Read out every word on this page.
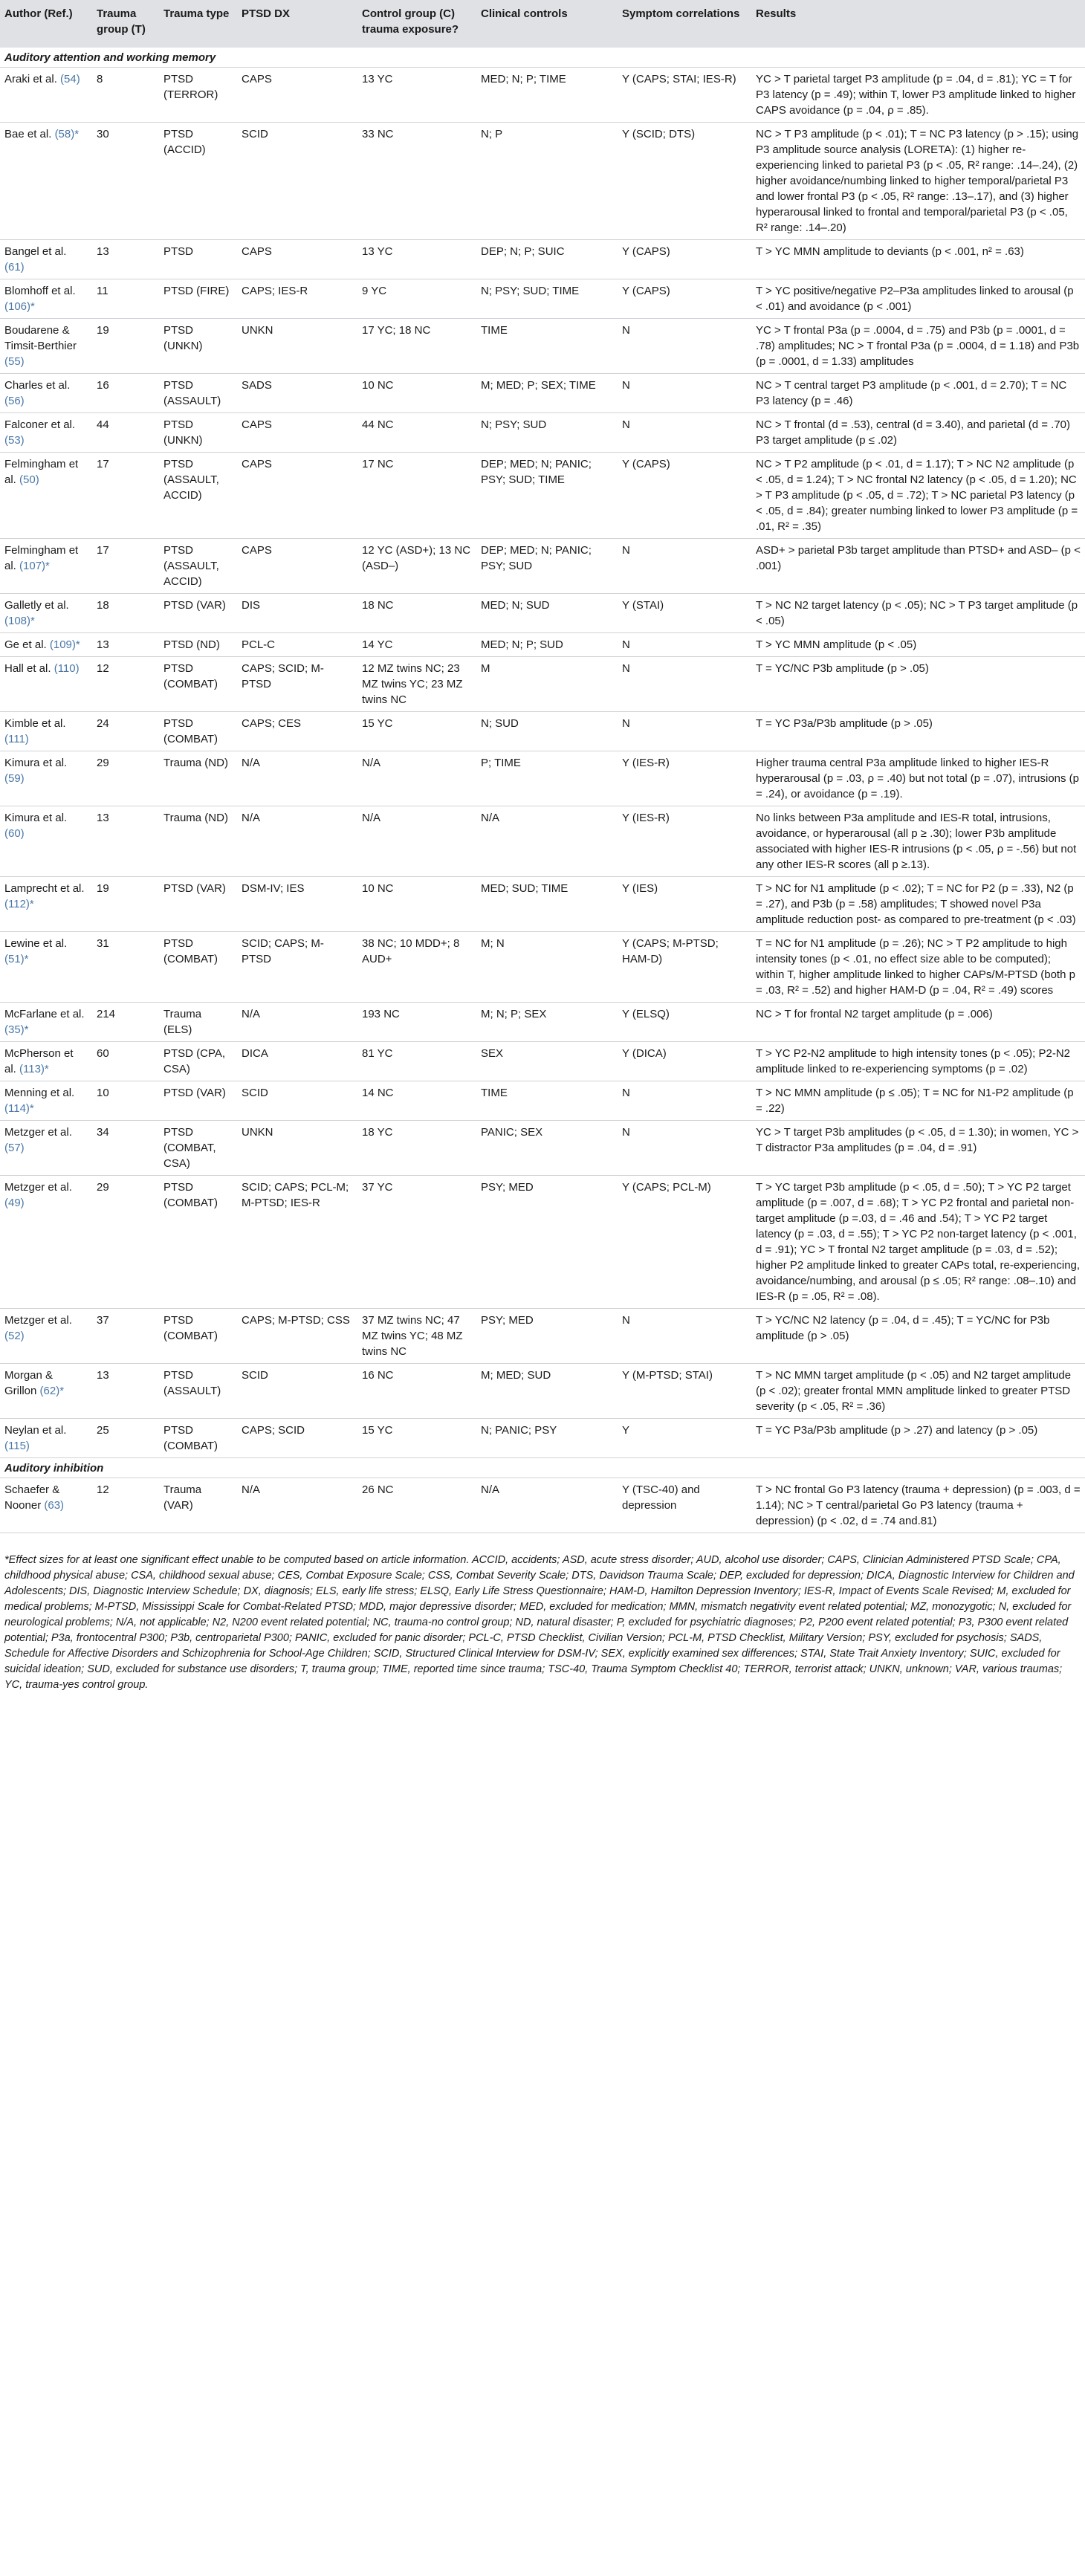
Author (Ref.)	Trauma group (T)	Trauma type	PTSD DX	Control group (C) trauma exposure?	Clinical controls	Symptom correlations	Results
Auditory attention and working memory							
Araki et al. (54)	8	PTSD (TERROR)	CAPS	13 YC	MED; N; P; TIME	Y (CAPS; STAI; IES-R)	YC > T parietal target P3 amplitude (p = .04, d = .81); YC = T for P3 latency (p = .49); within T, lower P3 amplitude linked to higher CAPS avoidance (p = .04, ρ = .85).
Bae et al. (58)*	30	PTSD (ACCID)	SCID	33 NC	N; P	Y (SCID; DTS)	NC > T P3 amplitude (p < .01); T = NC P3 latency (p > .15); using P3 amplitude source analysis (LORETA): (1) higher re-experiencing linked to parietal P3 (p < .05, R² range: .14–.24), (2) higher avoidance/numbing linked to higher temporal/parietal P3 and lower frontal P3 (p < .05, R² range: .13–.17), and (3) higher hyperarousal linked to frontal and temporal/parietal P3 (p < .05, R² range: .14–.20)
Bangel et al. (61)	13	PTSD	CAPS	13 YC	DEP; N; P; SUIC	Y (CAPS)	T > YC MMN amplitude to deviants (p < .001, n² = .63)
Blomhoff et al. (106)*	11	PTSD (FIRE)	CAPS; IES-R	9 YC	N; PSY; SUD; TIME	Y (CAPS)	T > YC positive/negative P2–P3a amplitudes linked to arousal (p < .01) and avoidance (p < .001)
Boudarene & Timsit-Berthier (55)	19	PTSD (UNKN)	UNKN	17 YC; 18 NC	TIME	N	YC > T frontal P3a (p = .0004, d = .75) and P3b (p = .0001, d = .78) amplitudes; NC > T frontal P3a (p = .0004, d = 1.18) and P3b (p = .0001, d = 1.33) amplitudes
Charles et al. (56)	16	PTSD (ASSAULT)	SADS	10 NC	M; MED; P; SEX; TIME	N	NC > T central target P3 amplitude (p < .001, d = 2.70); T = NC P3 latency (p = .46)
Falconer et al. (53)	44	PTSD (UNKN)	CAPS	44 NC	N; PSY; SUD	N	NC > T frontal (d = .53), central (d = 3.40), and parietal (d = .70) P3 target amplitude (p ≤ .02)
Felmingham et al. (50)	17	PTSD (ASSAULT, ACCID)	CAPS	17 NC	DEP; MED; N; PANIC; PSY; SUD; TIME	Y (CAPS)	NC > T P2 amplitude (p < .01, d = 1.17); T > NC N2 amplitude (p < .05, d = 1.24); T > NC frontal N2 latency (p < .05, d = 1.20); NC > T P3 amplitude (p < .05, d = .72); T > NC parietal P3 latency (p < .05, d = .84); greater numbing linked to lower P3 amplitude (p = .01, R² = .35)
Felmingham et al. (107)*	17	PTSD (ASSAULT, ACCID)	CAPS	12 YC (ASD+); 13 NC (ASD–)	DEP; MED; N; PANIC; PSY; SUD	N	ASD+ > parietal P3b target amplitude than PTSD+ and ASD– (p < .001)
Galletly et al. (108)*	18	PTSD (VAR)	DIS	18 NC	MED; N; SUD	Y (STAI)	T > NC N2 target latency (p < .05); NC > T P3 target amplitude (p < .05)
Ge et al. (109)*	13	PTSD (ND)	PCL-C	14 YC	MED; N; P; SUD	N	T > YC MMN amplitude (p < .05)
Hall et al. (110)	12	PTSD (COMBAT)	CAPS; SCID; M-PTSD	12 MZ twins NC; 23 MZ twins YC; 23 MZ twins NC	M	N	T = YC/NC P3b amplitude (p > .05)
Kimble et al. (111)	24	PTSD (COMBAT)	CAPS; CES	15 YC	N; SUD	N	T = YC P3a/P3b amplitude (p > .05)
Kimura et al. (59)	29	Trauma (ND)	N/A	N/A	P; TIME	Y (IES-R)	Higher trauma central P3a amplitude linked to higher IES-R hyperarousal (p = .03, ρ = .40) but not total (p = .07), intrusions (p = .24), or avoidance (p = .19).
Kimura et al. (60)	13	Trauma (ND)	N/A	N/A	N/A	Y (IES-R)	No links between P3a amplitude and IES-R total, intrusions, avoidance, or hyperarousal (all p ≥ .30); lower P3b amplitude associated with higher IES-R intrusions (p < .05, ρ = -.56) but not any other IES-R scores (all p ≥.13).
Lamprecht et al. (112)*	19	PTSD (VAR)	DSM-IV; IES	10 NC	MED; SUD; TIME	Y (IES)	T > NC for N1 amplitude (p < .02); T = NC for P2 (p = .33), N2 (p = .27), and P3b (p = .58) amplitudes; T showed novel P3a amplitude reduction post- as compared to pre-treatment (p < .03)
Lewine et al. (51)*	31	PTSD (COMBAT)	SCID; CAPS; M-PTSD	38 NC; 10 MDD+; 8 AUD+	M; N	Y (CAPS; M-PTSD; HAM-D)	T = NC for N1 amplitude (p = .26); NC > T P2 amplitude to high intensity tones (p < .01, no effect size able to be computed); within T, higher amplitude linked to higher CAPs/M-PTSD (both p = .03, R² = .52) and higher HAM-D (p = .04, R² = .49) scores
McFarlane et al. (35)*	214	Trauma (ELS)	N/A	193 NC	M; N; P; SEX	Y (ELSQ)	NC > T for frontal N2 target amplitude (p = .006)
McPherson et al. (113)*	60	PTSD (CPA, CSA)	DICA	81 YC	SEX	Y (DICA)	T > YC P2-N2 amplitude to high intensity tones (p < .05); P2-N2 amplitude linked to re-experiencing symptoms (p = .02)
Menning et al. (114)*	10	PTSD (VAR)	SCID	14 NC	TIME	N	T > NC MMN amplitude (p ≤ .05); T = NC for N1-P2 amplitude (p = .22)
Metzger et al. (57)	34	PTSD (COMBAT, CSA)	UNKN	18 YC	PANIC; SEX	N	YC > T target P3b amplitudes (p < .05, d = 1.30); in women, YC > T distractor P3a amplitudes (p = .04, d = .91)
Metzger et al. (49)	29	PTSD (COMBAT)	SCID; CAPS; PCL-M; M-PTSD; IES-R	37 YC	PSY; MED	Y (CAPS; PCL-M)	T > YC target P3b amplitude (p < .05, d = .50); T > YC P2 target amplitude (p = .007, d = .68); T > YC P2 frontal and parietal non-target amplitude (p =.03, d = .46 and .54); T > YC P2 target latency (p = .03, d = .55); T > YC P2 non-target latency (p < .001, d = .91); YC > T frontal N2 target amplitude (p = .03, d = .52); higher P2 amplitude linked to greater CAPs total, re-experiencing, avoidance/numbing, and arousal (p ≤ .05; R² range: .08–.10) and IES-R (p = .05, R² = .08).
Metzger et al. (52)	37	PTSD (COMBAT)	CAPS; M-PTSD; CSS	37 MZ twins NC; 47 MZ twins YC; 48 MZ twins NC	PSY; MED	N	T > YC/NC N2 latency (p = .04, d = .45); T = YC/NC for P3b amplitude (p > .05)
Morgan & Grillon (62)*	13	PTSD (ASSAULT)	SCID	16 NC	M; MED; SUD	Y (M-PTSD; STAI)	T > NC MMN target amplitude (p < .05) and N2 target amplitude (p < .02); greater frontal MMN amplitude linked to greater PTSD severity (p < .05, R² = .36)
Neylan et al. (115)	25	PTSD (COMBAT)	CAPS; SCID	15 YC	N; PANIC; PSY	Y	T = YC P3a/P3b amplitude (p > .27) and latency (p > .05)
Auditory inhibition							
Schaefer & Nooner (63)	12	Trauma (VAR)	N/A	26 NC	N/A	Y (TSC-40) and depression	T > NC frontal Go P3 latency (trauma + depression) (p = .003, d = 1.14); NC > T central/parietal Go P3 latency (trauma + depression) (p < .02, d = .74 and.81)
*Effect sizes for at least one significant effect unable to be computed based on article information. ACCID, accidents; ASD, acute stress disorder; AUD, alcohol use disorder; CAPS, Clinician Administered PTSD Scale; CPA, childhood physical abuse; CSA, childhood sexual abuse; CES, Combat Exposure Scale; CSS, Combat Severity Scale; DTS, Davidson Trauma Scale; DEP, excluded for depression; DICA, Diagnostic Interview for Children and Adolescents; DIS, Diagnostic Interview Schedule; DX, diagnosis; ELS, early life stress; ELSQ, Early Life Stress Questionnaire; HAM-D, Hamilton Depression Inventory; IES-R, Impact of Events Scale Revised; M, excluded for medical problems; M-PTSD, Mississippi Scale for Combat-Related PTSD; MDD, major depressive disorder; MED, excluded for medication; MMN, mismatch negativity event related potential; MZ, monozygotic; N, excluded for neurological problems; N/A, not applicable; N2, N200 event related potential; NC, trauma-no control group; ND, natural disaster; P, excluded for psychiatric diagnoses; P2, P200 event related potential; P3, P300 event related potential; P3a, frontocentral P300; P3b, centroparietal P300; PANIC, excluded for panic disorder; PCL-C, PTSD Checklist, Civilian Version; PCL-M, PTSD Checklist, Military Version; PSY, excluded for psychosis; SADS, Schedule for Affective Disorders and Schizophrenia for School-Age Children; SCID, Structured Clinical Interview for DSM-IV; SEX, explicitly examined sex differences; STAI, State Trait Anxiety Inventory; SUIC, excluded for suicidal ideation; SUD, excluded for substance use disorders; T, trauma group; TIME, reported time since trauma; TSC-40, Trauma Symptom Checklist 40; TERROR, terrorist attack; UNKN, unknown; VAR, various traumas; YC, trauma-yes control group.
